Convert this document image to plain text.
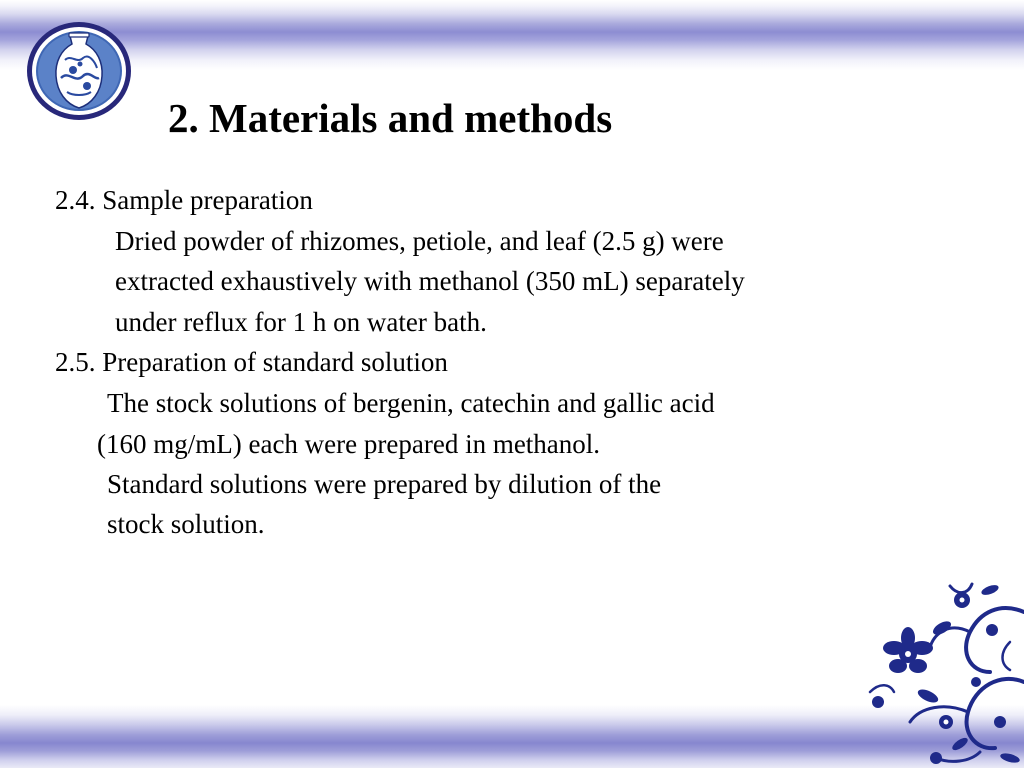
2. Materials and methods
2.4. Sample preparation
Dried powder of rhizomes, petiole, and leaf (2.5 g) were
extracted exhaustively with methanol (350 mL) separately
under reflux for 1 h on water bath.
2.5. Preparation of standard solution
The stock solutions of bergenin, catechin and gallic acid
(160 mg/mL) each were prepared in methanol.
Standard solutions were prepared by dilution of the
stock solution.
